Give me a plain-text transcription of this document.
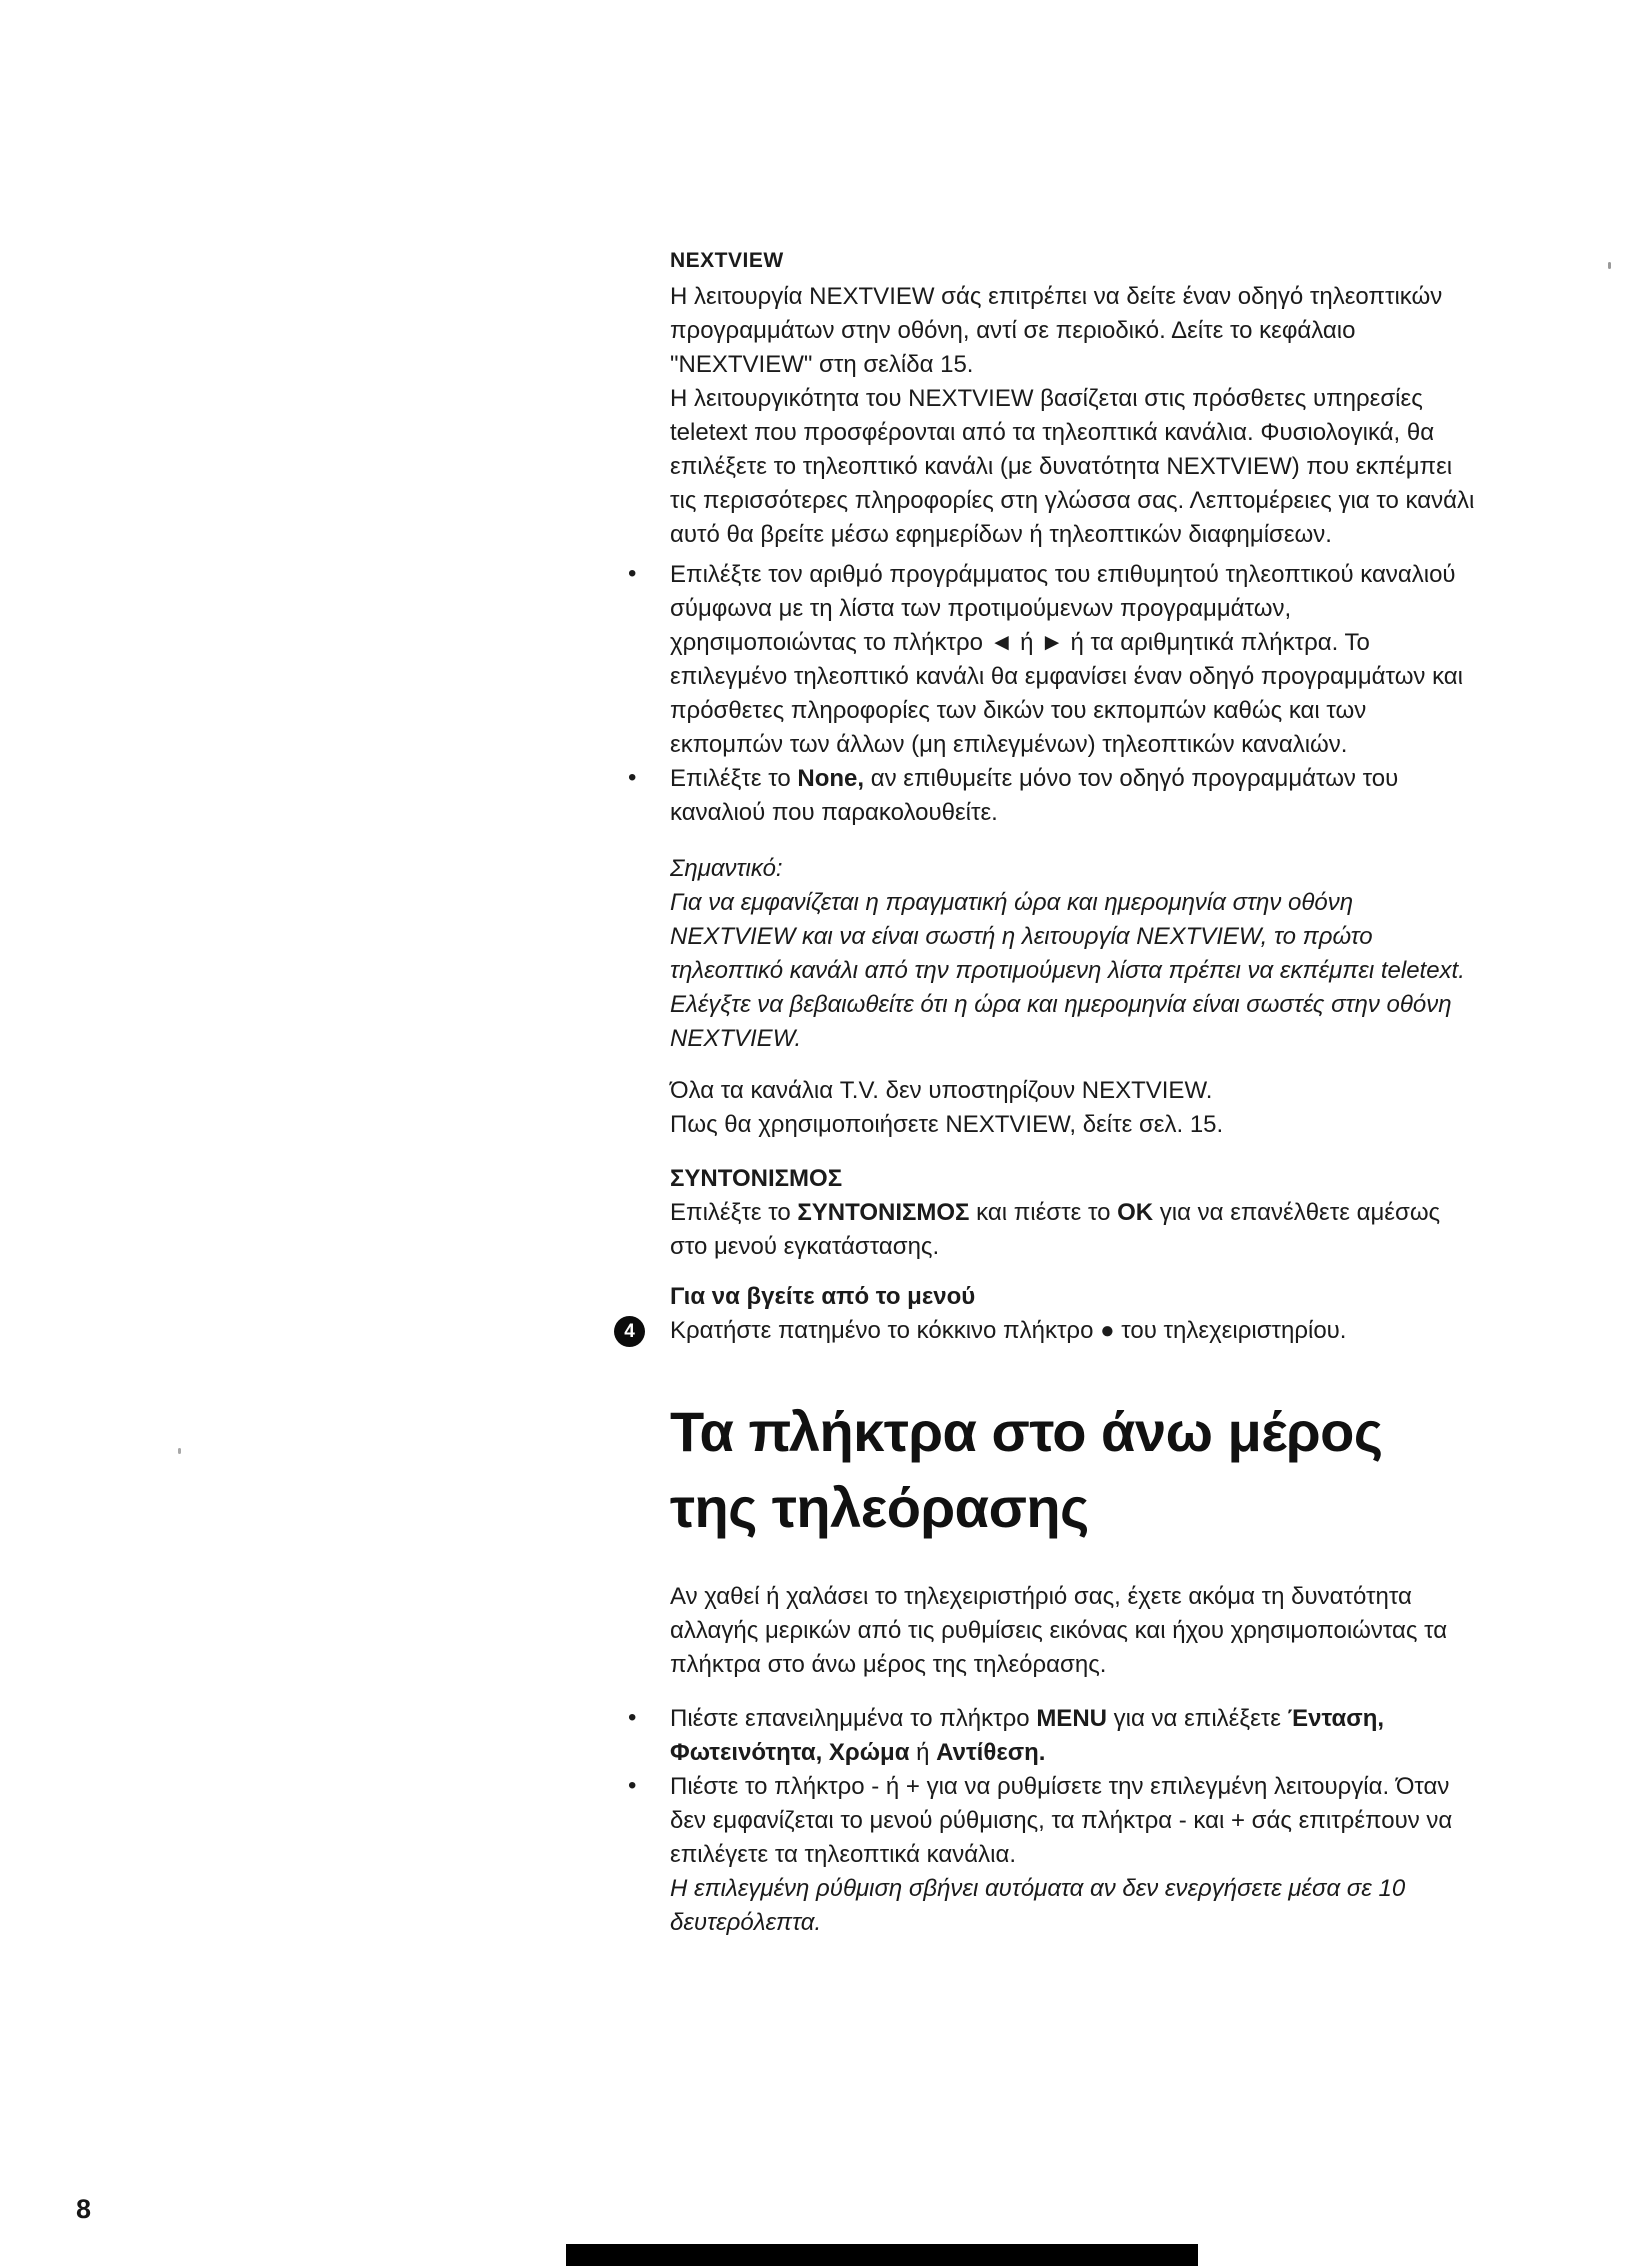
NEXTVIEW

Η λειτουργία NEXTVIEW σάς επιτρέπει να δείτε έναν οδηγό τηλεοπτικών προγραμμάτων στην οθόνη, αντί σε περιοδικό. Δείτε το κεφάλαιο "NEXTVIEW" στη σελίδα 15.

Η λειτουργικότητα του NEXTVIEW βασίζεται στις πρόσθετες υπηρεσίες teletext που προσφέρονται από τα τηλεοπτικά κανάλια. Φυσιολογικά, θα επιλέξετε το τηλεοπτικό κανάλι (με δυνατότητα NEXTVIEW) που εκπέμπει τις περισσότερες πληροφορίες στη γλώσσα σας. Λεπτομέρειες για το κανάλι αυτό θα βρείτε μέσω εφημερίδων ή τηλεοπτικών διαφημίσεων.

• Επιλέξτε τον αριθμό προγράμματος του επιθυμητού τηλεοπτικού καναλιού σύμφωνα με τη λίστα των προτιμούμενων προγραμμάτων, χρησιμοποιώντας το πλήκτρο ◄ ή ► ή τα αριθμητικά πλήκτρα. Το επιλεγμένο τηλεοπτικό κανάλι θα εμφανίσει έναν οδηγό προγραμμάτων και πρόσθετες πληροφορίες των δικών του εκπομπών καθώς και των εκπομπών των άλλων (μη επιλεγμένων) τηλεοπτικών καναλιών.
• Επιλέξτε το None, αν επιθυμείτε μόνο τον οδηγό προγραμμάτων του καναλιού που παρακολουθείτε.

Σημαντικό:

Για να εμφανίζεται η πραγματική ώρα και ημερομηνία στην οθόνη NEXTVIEW και να είναι σωστή η λειτουργία NEXTVIEW, το πρώτο τηλεοπτικό κανάλι από την προτιμούμενη λίστα πρέπει να εκπέμπει teletext.

Ελέγξτε να βεβαιωθείτε ότι η ώρα και ημερομηνία είναι σωστές στην οθόνη NEXTVIEW.

Όλα τα κανάλια T.V. δεν υποστηρίζουν NEXTVIEW.

Πως θα χρησιμοποιήσετε NEXTVIEW, δείτε σελ. 15.

ΣΥΝΤΟΝΙΣΜΟΣ

Επιλέξτε το ΣΥΝΤΟΝΙΣΜΟΣ και πιέστε το OK για να επανέλθετε αμέσως στο μενού εγκατάστασης.

Για να βγείτε από το μενού
4	Κρατήστε πατημένο το κόκκινο πλήκτρο ● του τηλεχειριστηρίου.

Τα πλήκτρα στο άνω μέρος της τηλεόρασης

Αν χαθεί ή χαλάσει το τηλεχειριστήριό σας, έχετε ακόμα τη δυνατότητα αλλαγής μερικών από τις ρυθμίσεις εικόνας και ήχου χρησιμοποιώντας τα πλήκτρα στο άνω μέρος της τηλεόρασης.

• Πιέστε επανειλημμένα το πλήκτρο MENU για να επιλέξετε Ένταση, Φωτεινότητα, Χρώμα ή Αντίθεση.
• Πιέστε το πλήκτρο - ή + για να ρυθμίσετε την επιλεγμένη λειτουργία. Όταν δεν εμφανίζεται το μενού ρύθμισης, τα πλήκτρα - και + σάς επιτρέπουν να επιλέγετε τα τηλεοπτικά κανάλια.

Η επιλεγμένη ρύθμιση σβήνει αυτόματα αν δεν ενεργήσετε μέσα σε 10 δευτερόλεπτα.

8
